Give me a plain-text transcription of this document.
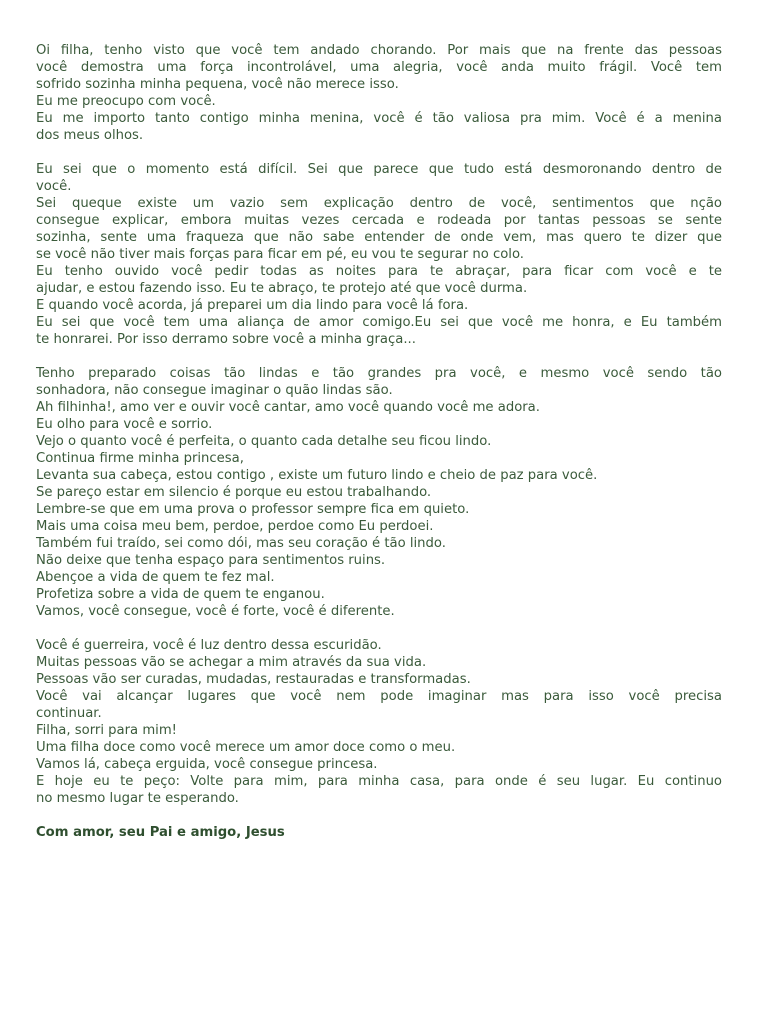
Oi filha, tenho visto que você tem andado chorando. Por mais que na frente das pessoas
você demostra uma força incontrolável, uma alegria, você anda muito frágil. Você tem
sofrido sozinha minha pequena, você não merece isso.
Eu me preocupo com você.
Eu me importo tanto contigo minha menina, você é tão valiosa pra mim. Você é a menina
dos meus olhos.
Eu sei que o momento está difícil. Sei que parece que tudo está desmoronando dentro de
você.
Sei queque existe um vazio sem explicação dentro de você, sentimentos que nção
consegue explicar, embora muitas vezes cercada e rodeada por tantas pessoas se sente
sozinha, sente uma fraqueza que não sabe entender de onde vem, mas quero te dizer que
se você não tiver mais forças para ficar em pé, eu vou te segurar no colo.
Eu tenho ouvido você pedir todas as noites para te abraçar, para ficar com você e te
ajudar, e estou fazendo isso. Eu te abraço, te protejo até que você durma.
E quando você acorda, já preparei um dia lindo para você lá fora.
Eu sei que você tem uma aliança de amor comigo.Eu sei que você me honra, e Eu também
te honrarei. Por isso derramo sobre você a minha graça...
Tenho preparado coisas tão lindas e tão grandes pra você, e mesmo você sendo tão
sonhadora, não consegue imaginar o quão lindas são.
Ah filhinha!, amo ver e ouvir você cantar, amo você quando você me adora.
Eu olho para você e sorrio.
Vejo o quanto você é perfeita, o quanto cada detalhe seu ficou lindo.
Continua firme minha princesa,
Levanta sua cabeça, estou contigo , existe um futuro lindo e cheio de paz para você.
Se pareço estar em silencio é porque eu estou trabalhando.
Lembre-se que em uma prova o professor sempre fica em quieto.
Mais uma coisa meu bem, perdoe, perdoe como Eu perdoei.
Também fui traído, sei como dói, mas seu coração é tão lindo.
Não deixe que tenha espaço para sentimentos ruins.
Abençoe a vida de quem te fez mal.
Profetiza sobre a vida de quem te enganou.
Vamos, você consegue, você é forte, você é diferente.
Você é guerreira, você é luz dentro dessa escuridão.
Muitas pessoas vão se achegar a mim através da sua vida.
Pessoas vão ser curadas, mudadas, restauradas e transformadas.
Você vai alcançar lugares que você nem pode imaginar mas para isso você precisa
continuar.
Filha, sorri para mim!
Uma filha doce como você merece um amor doce como o meu.
Vamos lá, cabeça erguida, você consegue princesa.
E hoje eu te peço: Volte para mim, para minha casa, para onde é seu lugar. Eu continuo
no mesmo lugar te esperando.

Com amor, seu Pai e amigo, Jesus
